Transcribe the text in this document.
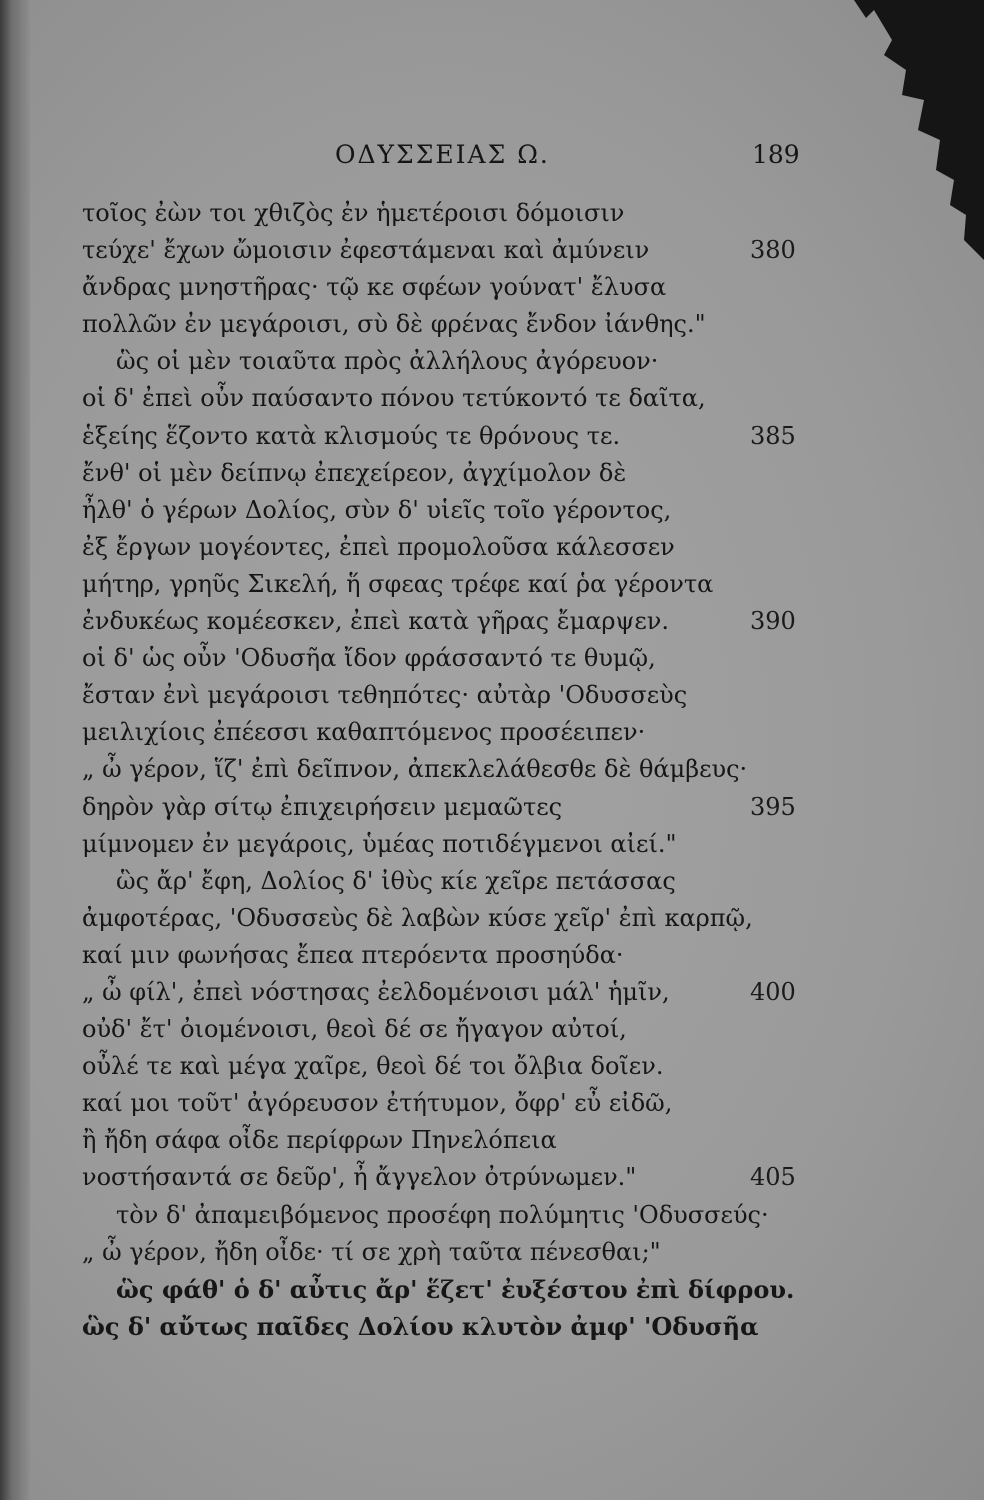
ΟΔΥΣΣΕΙΑΣ Ω.	189
τοῖος ἐὼν τοι χθιζὸς ἐν ἡμετέροισι δόμοισιν
τεύχε' ἔχων ὤμοισιν ἐφεστάμεναι καὶ ἀμύνειν	380
ἄνδρας μνηστῆρας· τῷ κε σφέων γούνατ' ἔλυσα
πολλῶν ἐν μεγάροισι, σὺ δὲ φρένας ἔνδον ἰάνθης."
ὣς οἱ μὲν τοιαῦτα πρὸς ἀλλήλους ἀγόρευον·
οἱ δ' ἐπεὶ οὖν παύσαντο πόνου τετύκοντό τε δαῖτα,
ἑξείης ἕζοντο κατὰ κλισμούς τε θρόνους τε.	385
ἔνθ' οἱ μὲν δείπνῳ ἐπεχείρεον, ἀγχίμολον δὲ
ἦλθ' ὁ γέρων Δολίος, σὺν δ' υἱεῖς τοῖο γέροντος,
ἐξ ἔργων μογέοντες, ἐπεὶ προμολοῦσα κάλεσσεν
μήτηρ, γρηῦς Σικελή, ἥ σφεας τρέφε καί ῥα γέροντα
ἐνδυκέως κομέεσκεν, ἐπεὶ κατὰ γῆρας ἔμαρψεν.	390
οἱ δ' ὡς οὖν 'Οδυσῆα ἴδον φράσσαντό τε θυμῷ,
ἔσταν ἐνὶ μεγάροισι τεθηπότες· αὐτὰρ 'Οδυσσεὺς
μειλιχίοις ἐπέεσσι καθαπτόμενος προσέειπεν·
„ ὦ γέρον, ἵζ' ἐπὶ δεῖπνον, ἀπεκλελάθεσθε δὲ θάμβευς·
δηρὸν γὰρ σίτῳ ἐπιχειρήσειν μεμαῶτες	395
μίμνομεν ἐν μεγάροις, ὑμέας ποτιδέγμενοι αἰεί."
ὣς ἄρ' ἔφη, Δολίος δ' ἰθὺς κίε χεῖρε πετάσσας
ἀμφοτέρας, 'Οδυσσεὺς δὲ λαβὼν κύσε χεῖρ' ἐπὶ καρπῷ,
καί μιν φωνήσας ἔπεα πτερόεντα προσηύδα·
„ ὦ φίλ', ἐπεὶ νόστησας ἐελδομένοισι μάλ' ἡμῖν,	400
οὐδ' ἔτ' ὀιομένοισι, θεοὶ δέ σε ἤγαγον αὐτοί,
οὖλέ τε καὶ μέγα χαῖρε, θεοὶ δέ τοι ὄλβια δοῖεν.
καί μοι τοῦτ' ἀγόρευσον ἐτήτυμον, ὄφρ' εὖ εἰδῶ,
ἢ ἤδη σάφα οἶδε περίφρων Πηνελόπεια
νοστήσαντά σε δεῦρ', ἦ ἄγγελον ὀτρύνωμεν."	405
τὸν δ' ἀπαμειβόμενος προσέφη πολύμητις 'Οδυσσεύς·
„ ὦ γέρον, ἤδη οἶδε· τί σε χρὴ ταῦτα πένεσθαι;"
ὣς φάθ' ὁ δ' αὖτις ἄρ' ἕζετ' ἐυξέστου ἐπὶ δίφρου.
ὣς δ' αὔτως παῖδες Δολίου κλυτὸν ἀμφ' 'Οδυσῆα
